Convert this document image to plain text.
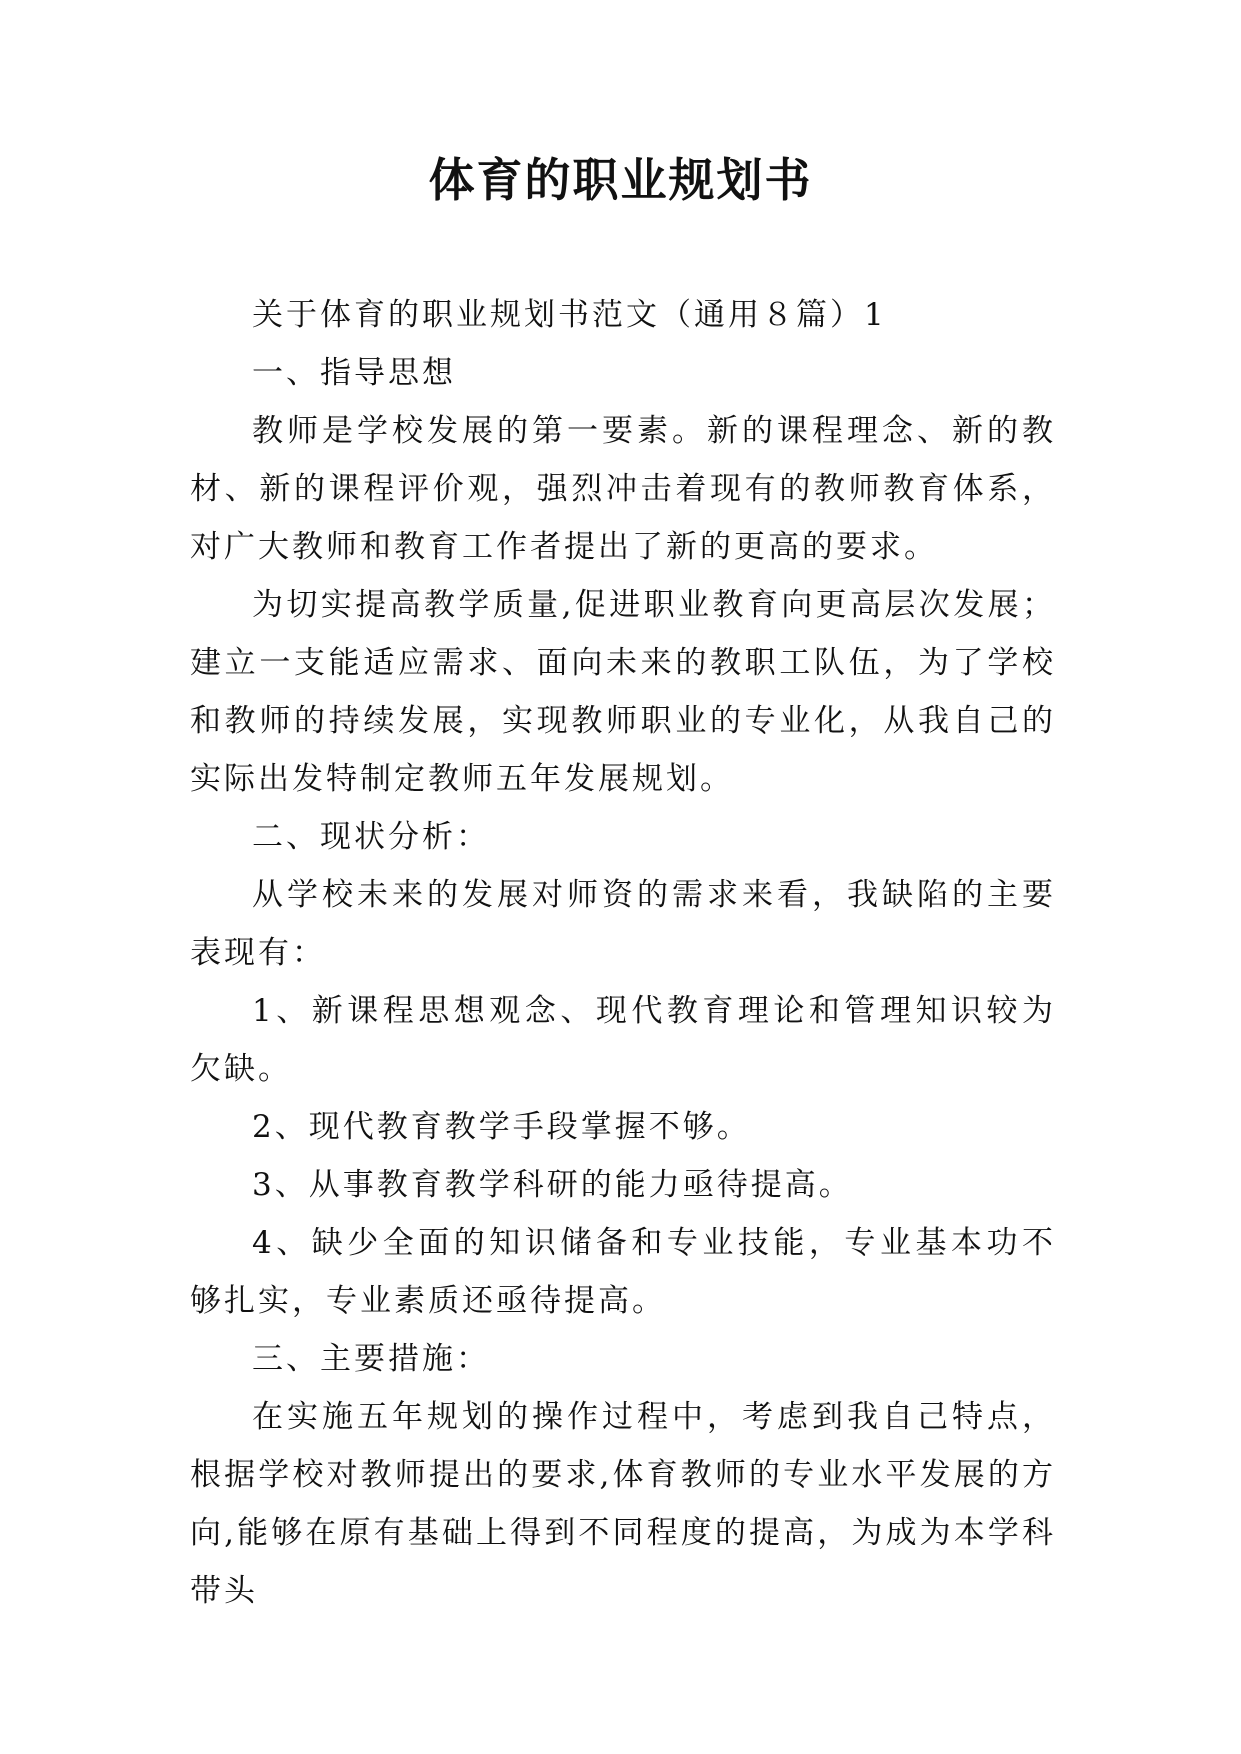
体育的职业规划书

关于体育的职业规划书范文（通用８篇）1

一、指导思想

教师是学校发展的第一要素。新的课程理念、新的教材、新的课程评价观，强烈冲击着现有的教师教育体系，对广大教师和教育工作者提出了新的更高的要求。

为切实提高教学质量,促进职业教育向更高层次发展；建立一支能适应需求、面向未来的教职工队伍，为了学校和教师的持续发展，实现教师职业的专业化，从我自己的实际出发特制定教师五年发展规划。

二、现状分析：

从学校未来的发展对师资的需求来看，我缺陷的主要表现有：

1、新课程思想观念、现代教育理论和管理知识较为欠缺。

2、现代教育教学手段掌握不够。

3、从事教育教学科研的能力亟待提高。

4、缺少全面的知识储备和专业技能，专业基本功不够扎实，专业素质还亟待提高。

三、主要措施：

在实施五年规划的操作过程中，考虑到我自己特点，根据学校对教师提出的要求,体育教师的专业水平发展的方向,能够在原有基础上得到不同程度的提高，为成为本学科带头
